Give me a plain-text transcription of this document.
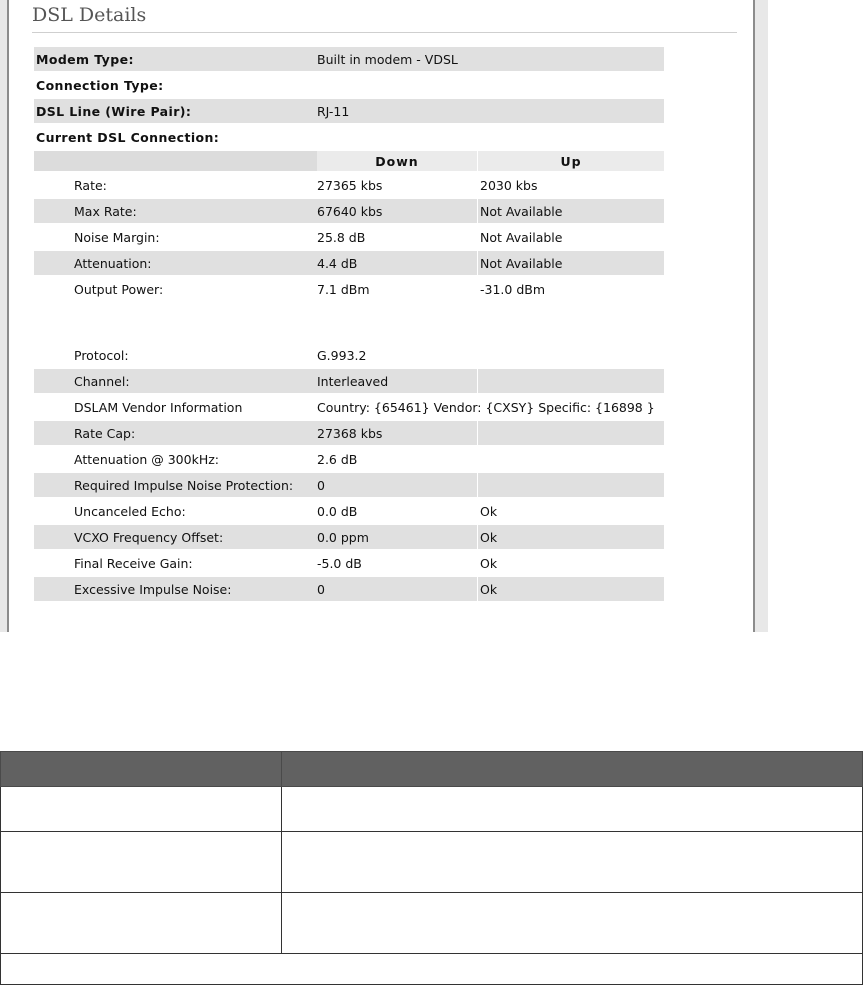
DSL Details
Modem Type:	Built in modem - VDSL	
Connection Type:		
DSL Line (Wire Pair):	RJ-11	
Current DSL Connection:		
	Down	Up
Rate:	27365 kbs	2030 kbs
Max Rate:	67640 kbs	Not Available
Noise Margin:	25.8 dB	Not Available
Attenuation:	4.4 dB	Not Available
Output Power:	7.1 dBm	-31.0 dBm

Protocol:	G.993.2	
Channel:	Interleaved	
DSLAM Vendor Information	Country: {65461} Vendor: {CXSY} Specific: {16898 }	
Rate Cap:	27368 kbs	
Attenuation @ 300kHz:	2.6 dB	
Required Impulse Noise Protection:	0	
Uncanceled Echo:	0.0 dB	Ok
VCXO Frequency Offset:	0.0 ppm	Ok
Final Receive Gain:	-5.0 dB	Ok
Excessive Impulse Noise:	0	Ok
